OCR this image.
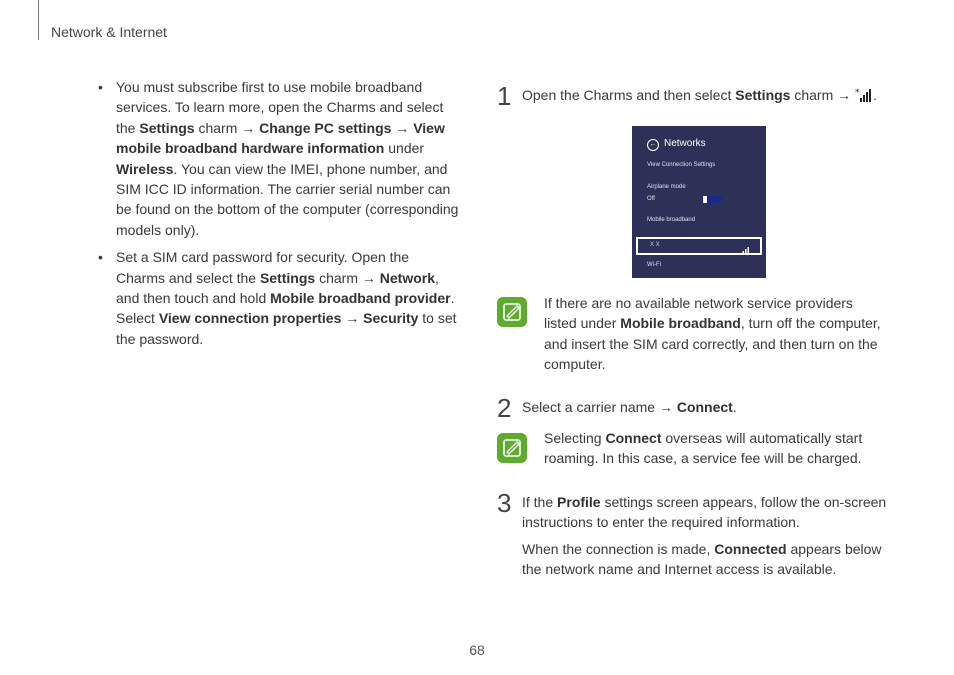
Network & Internet
• You must subscribe first to use mobile broadband services. To learn more, open the Charms and select the Settings charm → Change PC settings → View mobile broadband hardware information under Wireless. You can view the IMEI, phone number, and SIM ICC ID information. The carrier serial number can be found on the bottom of the computer (corresponding models only).
• Set a SIM card password for security. Open the Charms and select the Settings charm → Network, and then touch and hold Mobile broadband provider. Select View connection properties → Security to set the password.
1 Open the Charms and then select Settings charm → * .
← Networks
View Connection Settings
Airplane mode
Off
Mobile broadband
X X
Wi-Fi
If there are no available network service providers listed under Mobile broadband, turn off the computer, and insert the SIM card correctly, and then turn on the computer.
2 Select a carrier name → Connect.
Selecting Connect overseas will automatically start roaming. In this case, a service fee will be charged.
3 If the Profile settings screen appears, follow the on-screen instructions to enter the required information.
When the connection is made, Connected appears below the network name and Internet access is available.
68
